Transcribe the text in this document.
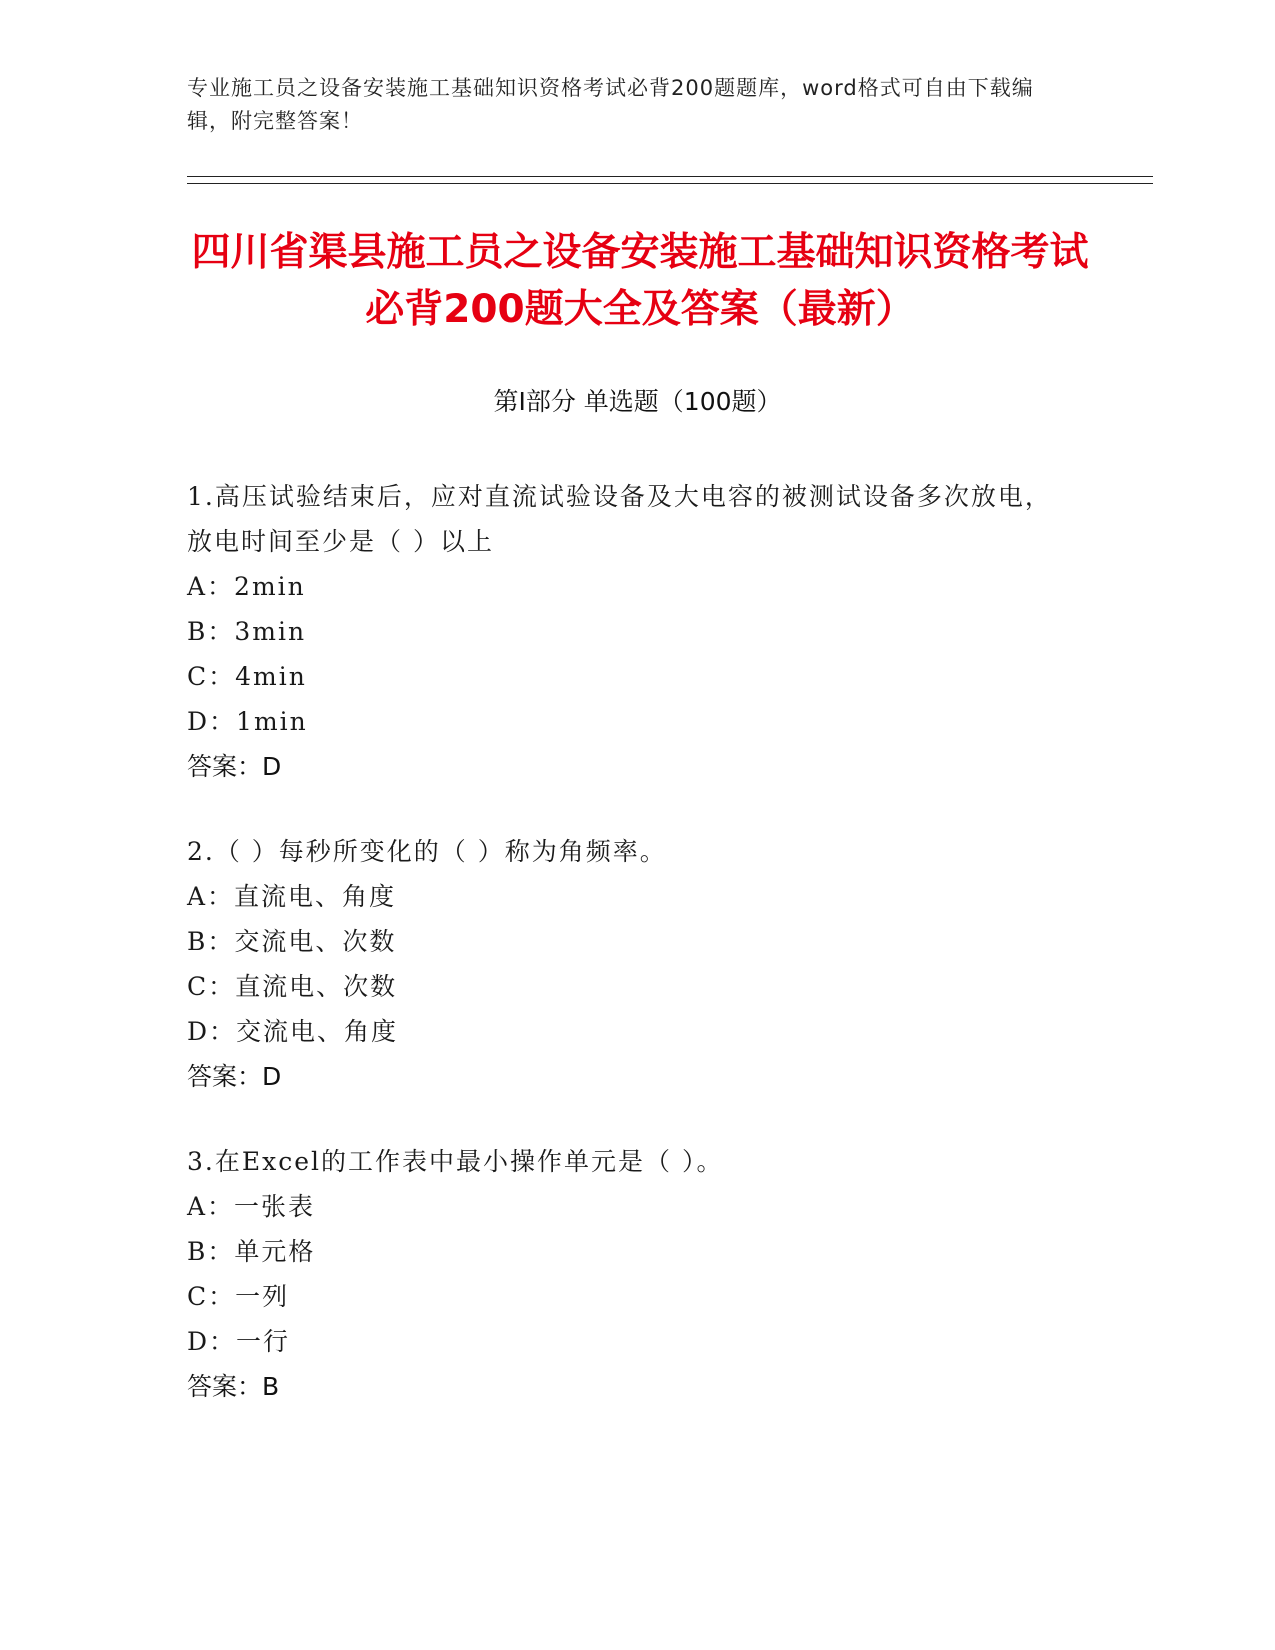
专业施工员之设备安装施工基础知识资格考试必背200题题库，word格式可自由下载编辑，附完整答案！

四川省渠县施工员之设备安装施工基础知识资格考试必背200题大全及答案（最新）
第I部分 单选题（100题）

1.高压试验结束后，应对直流试验设备及大电容的被测试设备多次放电，放电时间至少是（ ）以上

A：2min

B：3min

C：4min

D：1min

答案：D

2.（ ）每秒所变化的（ ）称为角频率。

A：直流电、角度

B：交流电、次数

C：直流电、次数

D：交流电、角度

答案：D

3.在Excel的工作表中最小操作单元是（ ）。

A：一张表

B：单元格

C：一列

D：一行

答案：B
